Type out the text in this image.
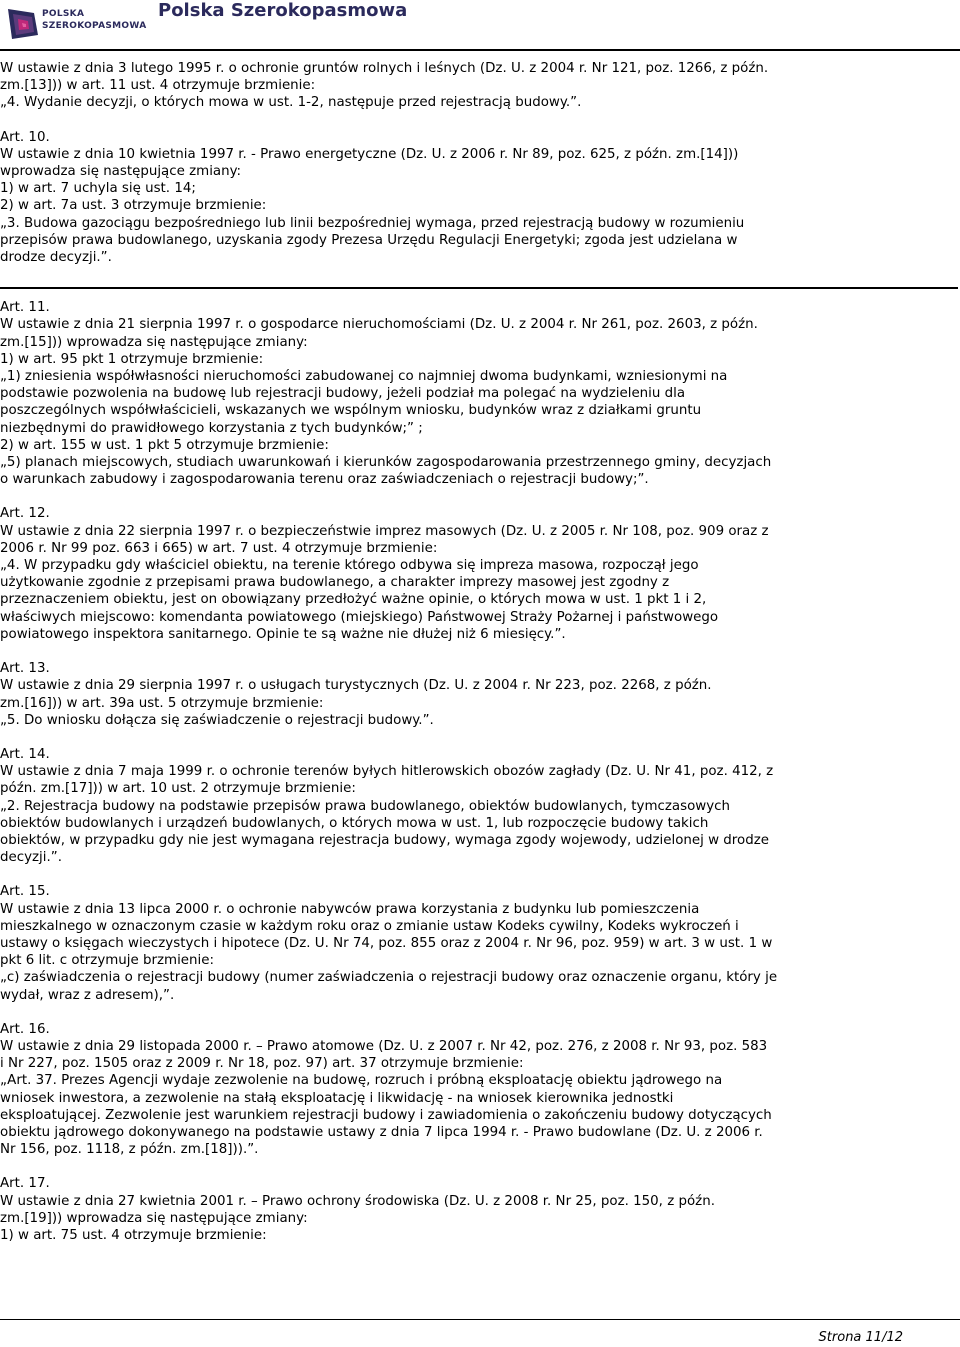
POLSKA
SZEROKOPASMOWA
Polska Szerokopasmowa

W ustawie z dnia 3 lutego 1995 r. o ochronie gruntów rolnych i leśnych (Dz. U. z 2004 r. Nr 121, poz. 1266, z późn.

zm.[13])) w art. 11 ust. 4 otrzymuje brzmienie:

„4. Wydanie decyzji, o których mowa w ust. 1-2, następuje przed rejestracją budowy.”.

Art. 10.

W ustawie z dnia 10 kwietnia 1997 r. - Prawo energetyczne (Dz. U. z 2006 r. Nr 89, poz. 625, z późn. zm.[14]))

wprowadza się następujące zmiany:

1) w art. 7 uchyla się ust. 14;

2) w art. 7a ust. 3 otrzymuje brzmienie:

„3. Budowa gazociągu bezpośredniego lub linii bezpośredniej wymaga, przed rejestracją budowy w rozumieniu

przepisów prawa budowlanego, uzyskania zgody Prezesa Urzędu Regulacji Energetyki; zgoda jest udzielana w

drodze decyzji.”.

Art. 11.

W ustawie z dnia 21 sierpnia 1997 r. o gospodarce nieruchomościami (Dz. U. z 2004 r. Nr 261, poz. 2603, z późn.

zm.[15])) wprowadza się następujące zmiany:

1) w art. 95 pkt 1 otrzymuje brzmienie:

„1) zniesienia współwłasności nieruchomości zabudowanej co najmniej dwoma budynkami, wzniesionymi na

podstawie pozwolenia na budowę lub rejestracji budowy, jeżeli podział ma polegać na wydzieleniu dla

poszczególnych współwłaścicieli, wskazanych we wspólnym wniosku, budynków wraz z działkami gruntu

niezbędnymi do prawidłowego korzystania z tych budynków;” ;

2) w art. 155 w ust. 1 pkt 5 otrzymuje brzmienie:

„5) planach miejscowych, studiach uwarunkowań i kierunków zagospodarowania przestrzennego gminy, decyzjach

o warunkach zabudowy i zagospodarowania terenu oraz zaświadczeniach o rejestracji budowy;”.

Art. 12.

W ustawie z dnia 22 sierpnia 1997 r. o bezpieczeństwie imprez masowych (Dz. U. z 2005 r. Nr 108, poz. 909 oraz z

2006 r. Nr 99 poz. 663 i 665) w art. 7 ust. 4 otrzymuje brzmienie:

„4. W przypadku gdy właściciel obiektu, na terenie którego odbywa się impreza masowa, rozpoczął jego

użytkowanie zgodnie z przepisami prawa budowlanego, a charakter imprezy masowej jest zgodny z

przeznaczeniem obiektu, jest on obowiązany przedłożyć ważne opinie, o których mowa w ust. 1 pkt 1 i 2,

właściwych miejscowo: komendanta powiatowego (miejskiego) Państwowej Straży Pożarnej i państwowego

powiatowego inspektora sanitarnego. Opinie te są ważne nie dłużej niż 6 miesięcy.”.

Art. 13.

W ustawie z dnia 29 sierpnia 1997 r. o usługach turystycznych (Dz. U. z 2004 r. Nr 223, poz. 2268, z późn.

zm.[16])) w art. 39a ust. 5 otrzymuje brzmienie:

„5. Do wniosku dołącza się zaświadczenie o rejestracji budowy.”.

Art. 14.

W ustawie z dnia 7 maja 1999 r. o ochronie terenów byłych hitlerowskich obozów zagłady (Dz. U. Nr 41, poz. 412, z

późn. zm.[17])) w art. 10 ust. 2 otrzymuje brzmienie:

„2. Rejestracja budowy na podstawie przepisów prawa budowlanego, obiektów budowlanych, tymczasowych

obiektów budowlanych i urządzeń budowlanych, o których mowa w ust. 1, lub rozpoczęcie budowy takich

obiektów, w przypadku gdy nie jest wymagana rejestracja budowy, wymaga zgody wojewody, udzielonej w drodze

decyzji.”.

Art. 15.

W ustawie z dnia 13 lipca 2000 r. o ochronie nabywców prawa korzystania z budynku lub pomieszczenia

mieszkalnego w oznaczonym czasie w każdym roku oraz o zmianie ustaw Kodeks cywilny, Kodeks wykroczeń i

ustawy o księgach wieczystych i hipotece (Dz. U. Nr 74, poz. 855 oraz z 2004 r. Nr 96, poz. 959) w art. 3 w ust. 1 w

pkt 6 lit. c otrzymuje brzmienie:

„c) zaświadczenia o rejestracji budowy (numer zaświadczenia o rejestracji budowy oraz oznaczenie organu, który je

wydał, wraz z adresem),”.

Art. 16.

W ustawie z dnia 29 listopada 2000 r. – Prawo atomowe (Dz. U. z 2007 r. Nr 42, poz. 276, z 2008 r. Nr 93, poz. 583

i Nr 227, poz. 1505 oraz z 2009 r. Nr 18, poz. 97) art. 37 otrzymuje brzmienie:

„Art. 37. Prezes Agencji wydaje zezwolenie na budowę, rozruch i próbną eksploatację obiektu jądrowego na

wniosek inwestora, a zezwolenie na stałą eksploatację i likwidację - na wniosek kierownika jednostki

eksploatującej. Zezwolenie jest warunkiem rejestracji budowy i zawiadomienia o zakończeniu budowy dotyczących

obiektu jądrowego dokonywanego na podstawie ustawy z dnia 7 lipca 1994 r. - Prawo budowlane (Dz. U. z 2006 r.

Nr 156, poz. 1118, z późn. zm.[18])).”.

Art. 17.

W ustawie z dnia 27 kwietnia 2001 r. – Prawo ochrony środowiska (Dz. U. z 2008 r. Nr 25, poz. 150, z późn.

zm.[19])) wprowadza się następujące zmiany:

1) w art. 75 ust. 4 otrzymuje brzmienie:

Strona 11/12
